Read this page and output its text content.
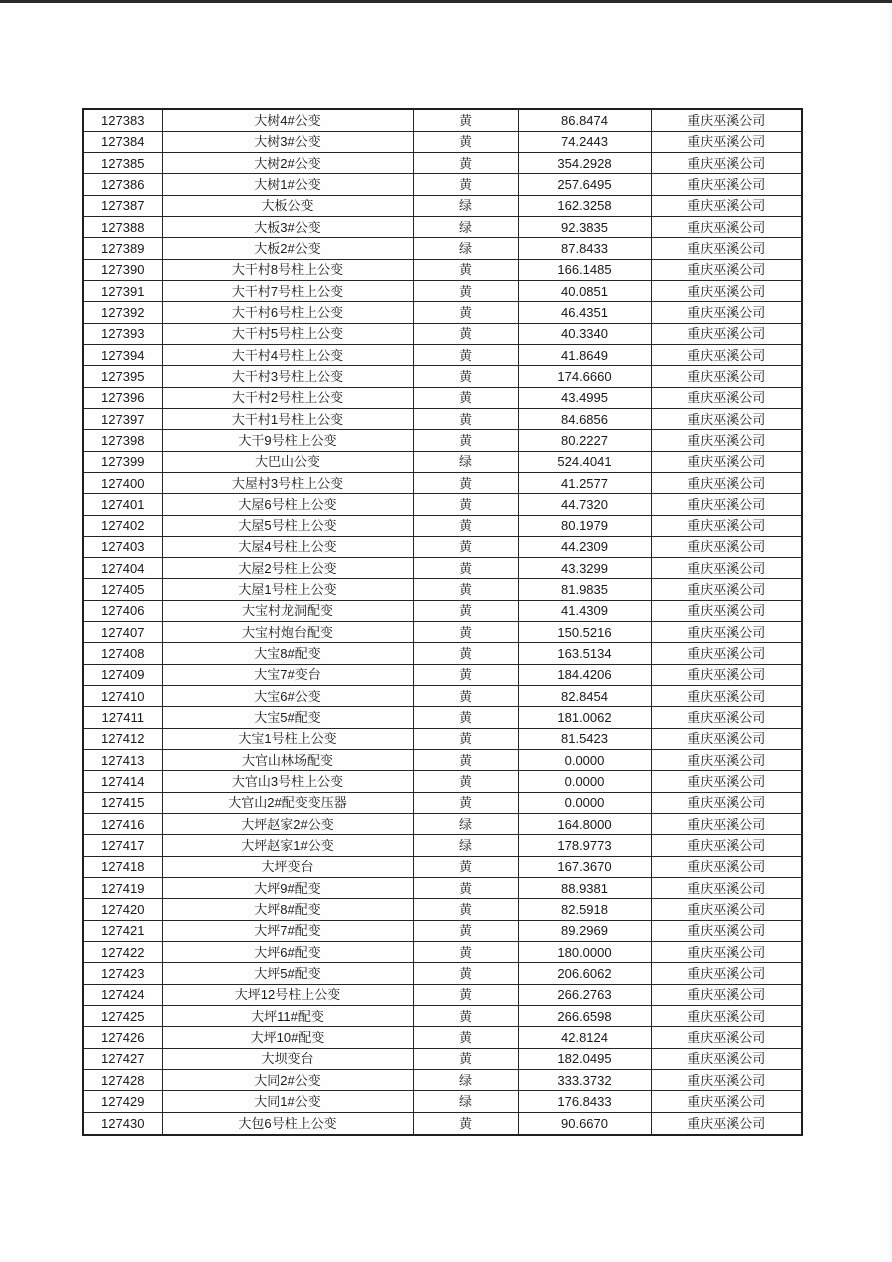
127383	大树4#公变	黄	86.8474	重庆巫溪公司
127384	大树3#公变	黄	74.2443	重庆巫溪公司
127385	大树2#公变	黄	354.2928	重庆巫溪公司
127386	大树1#公变	黄	257.6495	重庆巫溪公司
127387	大板公变	绿	162.3258	重庆巫溪公司
127388	大板3#公变	绿	92.3835	重庆巫溪公司
127389	大板2#公变	绿	87.8433	重庆巫溪公司
127390	大干村8号柱上公变	黄	166.1485	重庆巫溪公司
127391	大干村7号柱上公变	黄	40.0851	重庆巫溪公司
127392	大干村6号柱上公变	黄	46.4351	重庆巫溪公司
127393	大干村5号柱上公变	黄	40.3340	重庆巫溪公司
127394	大干村4号柱上公变	黄	41.8649	重庆巫溪公司
127395	大干村3号柱上公变	黄	174.6660	重庆巫溪公司
127396	大干村2号柱上公变	黄	43.4995	重庆巫溪公司
127397	大干村1号柱上公变	黄	84.6856	重庆巫溪公司
127398	大干9号柱上公变	黄	80.2227	重庆巫溪公司
127399	大巴山公变	绿	524.4041	重庆巫溪公司
127400	大屋村3号柱上公变	黄	41.2577	重庆巫溪公司
127401	大屋6号柱上公变	黄	44.7320	重庆巫溪公司
127402	大屋5号柱上公变	黄	80.1979	重庆巫溪公司
127403	大屋4号柱上公变	黄	44.2309	重庆巫溪公司
127404	大屋2号柱上公变	黄	43.3299	重庆巫溪公司
127405	大屋1号柱上公变	黄	81.9835	重庆巫溪公司
127406	大宝村龙洞配变	黄	41.4309	重庆巫溪公司
127407	大宝村炮台配变	黄	150.5216	重庆巫溪公司
127408	大宝8#配变	黄	163.5134	重庆巫溪公司
127409	大宝7#变台	黄	184.4206	重庆巫溪公司
127410	大宝6#公变	黄	82.8454	重庆巫溪公司
127411	大宝5#配变	黄	181.0062	重庆巫溪公司
127412	大宝1号柱上公变	黄	81.5423	重庆巫溪公司
127413	大官山林场配变	黄	0.0000	重庆巫溪公司
127414	大官山3号柱上公变	黄	0.0000	重庆巫溪公司
127415	大官山2#配变变压器	黄	0.0000	重庆巫溪公司
127416	大坪赵家2#公变	绿	164.8000	重庆巫溪公司
127417	大坪赵家1#公变	绿	178.9773	重庆巫溪公司
127418	大坪变台	黄	167.3670	重庆巫溪公司
127419	大坪9#配变	黄	88.9381	重庆巫溪公司
127420	大坪8#配变	黄	82.5918	重庆巫溪公司
127421	大坪7#配变	黄	89.2969	重庆巫溪公司
127422	大坪6#配变	黄	180.0000	重庆巫溪公司
127423	大坪5#配变	黄	206.6062	重庆巫溪公司
127424	大坪12号柱上公变	黄	266.2763	重庆巫溪公司
127425	大坪11#配变	黄	266.6598	重庆巫溪公司
127426	大坪10#配变	黄	42.8124	重庆巫溪公司
127427	大坝变台	黄	182.0495	重庆巫溪公司
127428	大同2#公变	绿	333.3732	重庆巫溪公司
127429	大同1#公变	绿	176.8433	重庆巫溪公司
127430	大包6号柱上公变	黄	90.6670	重庆巫溪公司
